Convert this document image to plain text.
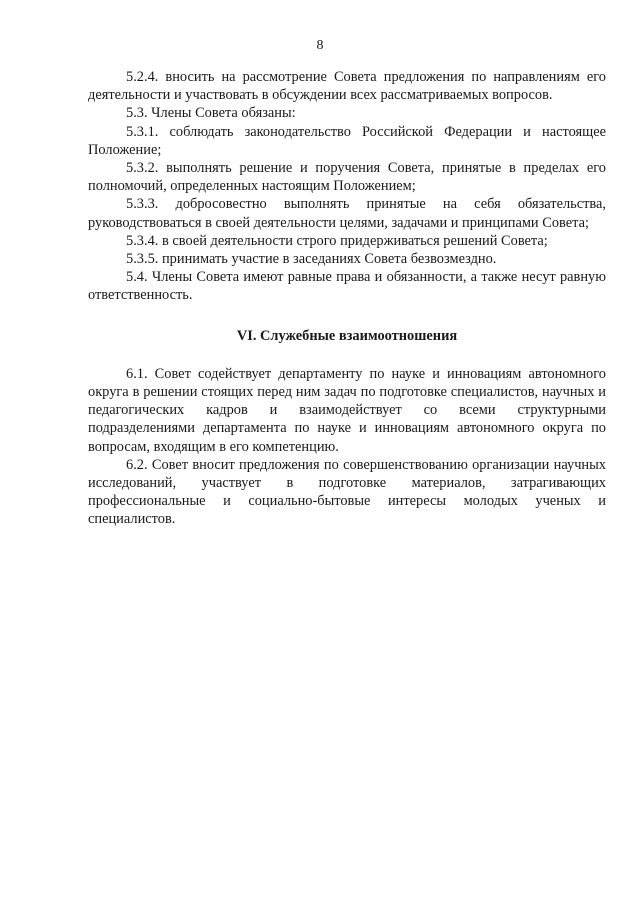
8

5.2.4. вносить на рассмотрение Совета предложения по направлениям его деятельности и участвовать в обсуждении всех рассматриваемых вопросов.

5.3. Члены Совета обязаны:

5.3.1. соблюдать законодательство Российской Федерации и настоящее Положение;

5.3.2. выполнять решение и поручения Совета, принятые в пределах его полномочий, определенных настоящим Положением;

5.3.3. добросовестно выполнять принятые на себя обязательства, руководствоваться в своей деятельности целями, задачами и принципами Совета;

5.3.4. в своей деятельности строго придерживаться решений Совета;

5.3.5. принимать участие в заседаниях Совета безвозмездно.

5.4. Члены Совета имеют равные права и обязанности, а также несут равную ответственность.

VI. Служебные взаимоотношения

6.1. Совет содействует департаменту по науке и инновациям автономного округа в решении стоящих перед ним задач по подготовке специалистов, научных и педагогических кадров и взаимодействует со всеми структурными подразделениями департамента по науке и инновациям автономного округа по вопросам, входящим в его компетенцию.

6.2. Совет вносит предложения по совершенствованию организации научных исследований, участвует в подготовке материалов, затрагивающих профессиональные и социально-бытовые интересы молодых ученых и специалистов.
